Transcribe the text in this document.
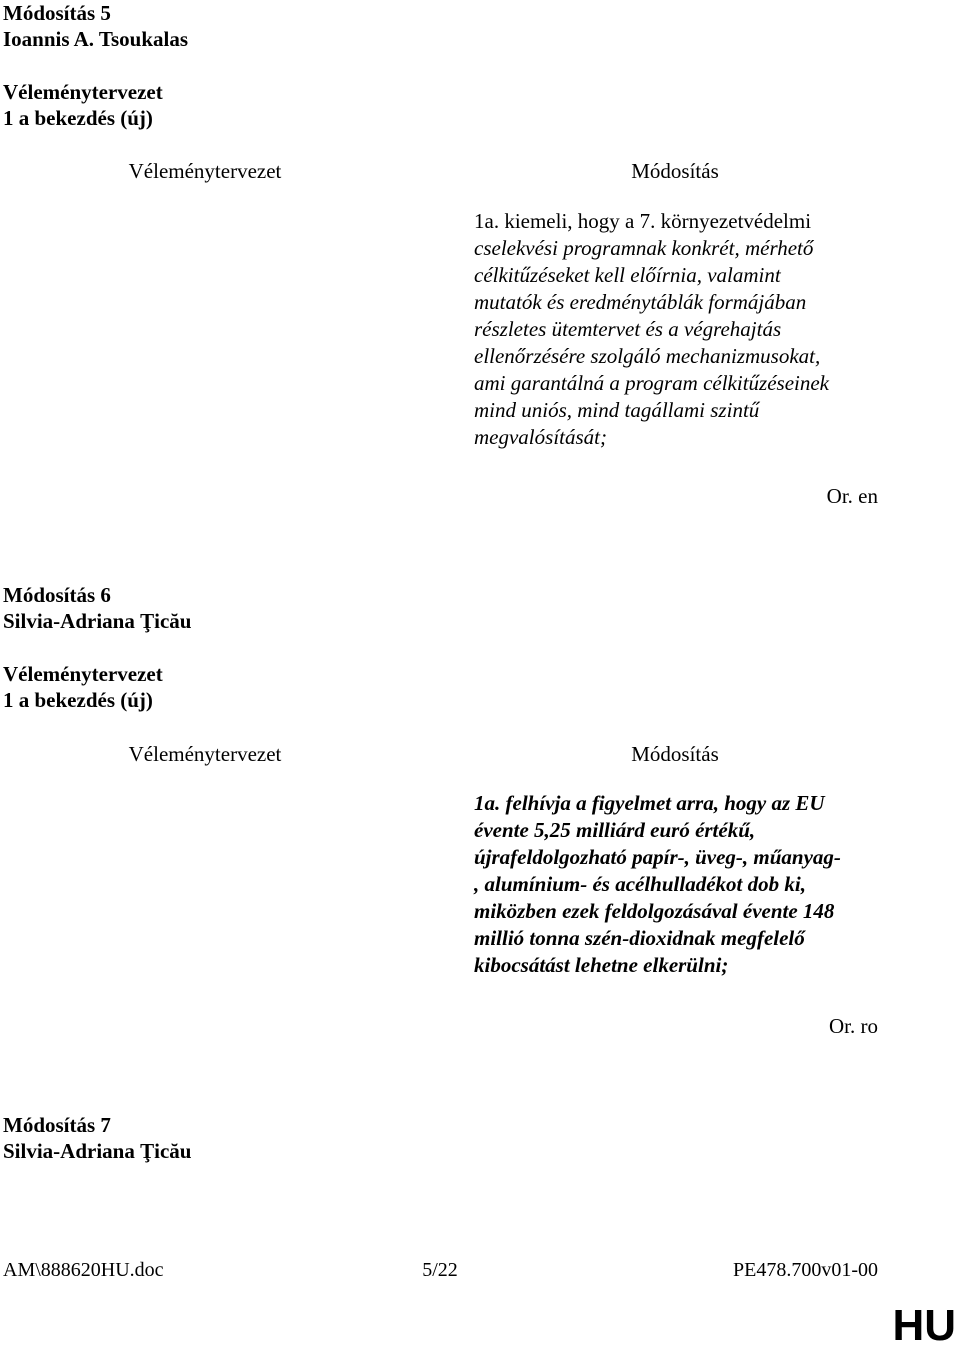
Módosítás 5
Ioannis A. Tsoukalas
Véleménytervezet
1 a bekezdés (új)
Véleménytervezet	Módosítás
1a. kiemeli, hogy a 7. környezetvédelmi
cselekvési programnak konkrét, mérhető
célkitűzéseket kell előírnia, valamint
mutatók és eredménytáblák formájában
részletes ütemtervet és a végrehajtás
ellenőrzésére szolgáló mechanizmusokat,
ami garantálná a program célkitűzéseinek
mind uniós, mind tagállami szintű
megvalósítását;
Or. en
Módosítás 6
Silvia-Adriana Ţicău
Véleménytervezet
1 a bekezdés (új)
Véleménytervezet	Módosítás
1a. felhívja a figyelmet arra, hogy az EU
évente 5,25 milliárd euró értékű,
újrafeldolgozható papír-, üveg-, műanyag-
, alumínium- és acélhulladékot dob ki,
miközben ezek feldolgozásával évente 148
millió tonna szén-dioxidnak megfelelő
kibocsátást lehetne elkerülni;
Or. ro
Módosítás 7
Silvia-Adriana Ţicău
AM\888620HU.doc	5/22	PE478.700v01-00
HU
